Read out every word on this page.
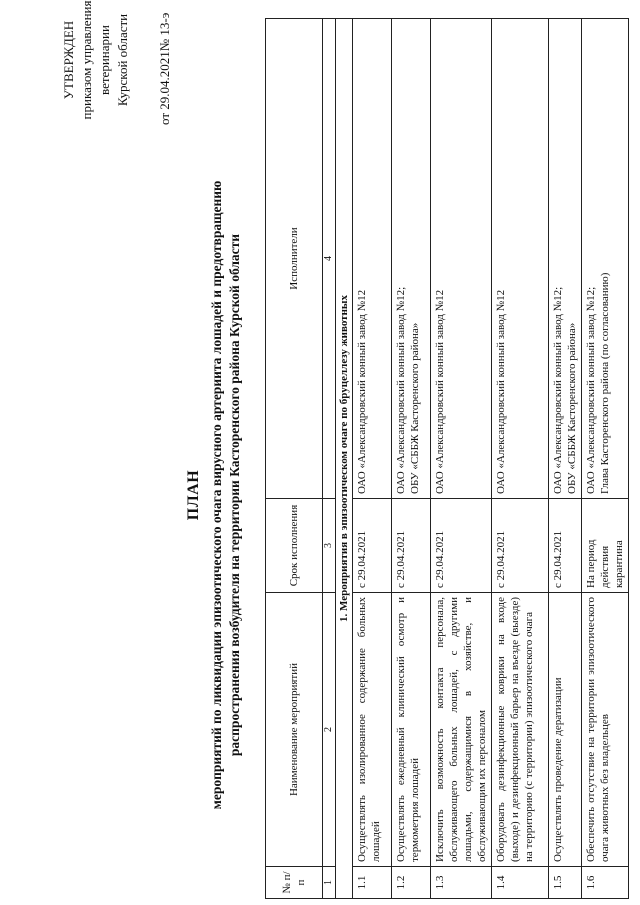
УТВЕРЖДЕН приказом управления ветеринарии Курской области от 29.04.2021№ 13-э
ПЛАН мероприятий по ликвидации эпизоотического очага вирусного артериита лошадей и предотвращению распространения возбудителя на территории Касторенского района Курской области
№ п/п	Наименование мероприятий	Срок исполнения	Исполнители
1	2	3	4
1. Мероприятия в эпизоотическом очаге по бруцеллезу животных			
1.1	Осуществлять изолированное содержание больных лошадей	с 29.04.2021	ОАО «Александровский конный завод №12

1.2	Осуществлять ежедневный клинический осмотр и термометрия лошадей	с 29.04.2021	ОАО «Александровский конный завод №12; ОБУ «СББЖ Касторенского района»

1.3	Исключить возможность контакта персонала, обслуживающего больных лошадей, с другими лошадьми, содержащимися в хозяйстве, и обслуживающим их персоналом	с 29.04.2021	ОАО «Александровский конный завод №12

1.4	Оборудовать дезинфекционные коврики на входе (выходе) и дезинфекционный барьер на въезде (выезде) на территорию (с территории) эпизоотического очага	с 29.04.2021	ОАО «Александровский конный завод №12

1.5	Осуществлять проведение дератизации	с 29.04.2021	ОАО «Александровский конный завод №12; ОБУ «СББЖ Касторенского района»

1.6	Обеспечить отсутствие на территории эпизоотического очага животных без владельцев	На период действия карантина	ОАО «Александровский конный завод №12; Глава Касторенского района (по согласованию)
